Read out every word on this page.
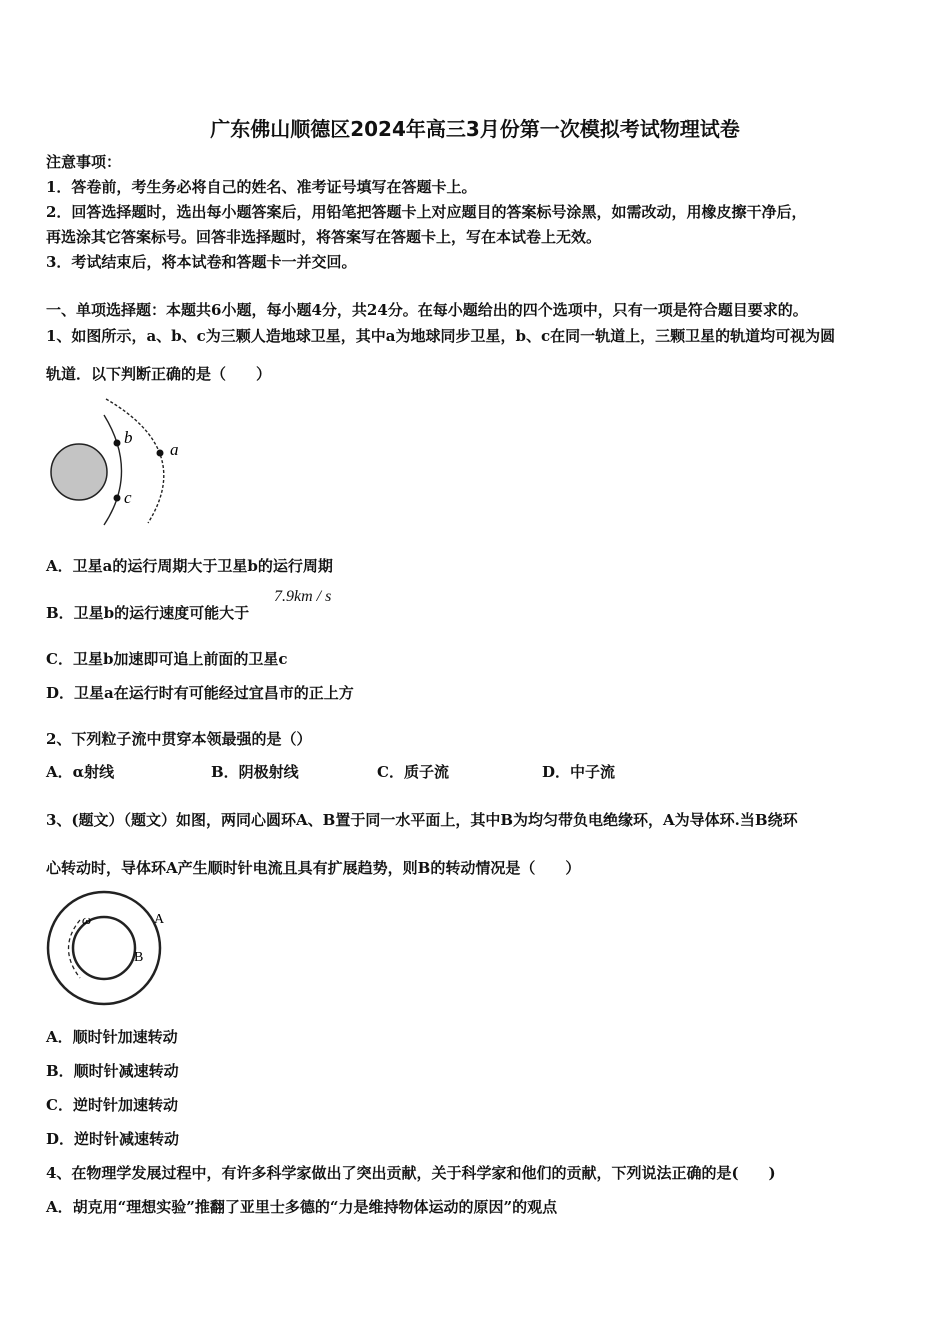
广东佛山顺德区2024年高三3月份第一次模拟考试物理试卷
注意事项：
1．答卷前，考生务必将自己的姓名、准考证号填写在答题卡上。
2．回答选择题时，选出每小题答案后，用铅笔把答题卡上对应题目的答案标号涂黑，如需改动，用橡皮擦干净后，
再选涂其它答案标号。回答非选择题时，将答案写在答题卡上，写在本试卷上无效。
3．考试结束后，将本试卷和答题卡一并交回。
一、单项选择题：本题共6小题，每小题4分，共24分。在每小题给出的四个选项中，只有一项是符合题目要求的。
1、如图所示，a、b、c为三颗人造地球卫星，其中a为地球同步卫星，b、c在同一轨道上，三颗卫星的轨道均可视为圆
轨道．以下判断正确的是（　　）
b
c
a
A．卫星a的运行周期大于卫星b的运行周期
B．卫星b的运行速度可能大于
7.9km / s
C．卫星b加速即可追上前面的卫星c
D．卫星a在运行时有可能经过宜昌市的正上方
2、下列粒子流中贯穿本领最强的是（）
A．α射线	B．阴极射线	C．质子流	D．中子流
3、(题文）（题文）如图，两同心圆环A、B置于同一水平面上，其中B为均匀带负电绝缘环，A为导体环.当B绕环
心转动时，导体环A产生顺时针电流且具有扩展趋势，则B的转动情况是（　　）
ω	A
B
A．顺时针加速转动
B．顺时针减速转动
C．逆时针加速转动
D．逆时针减速转动
4、在物理学发展过程中，有许多科学家做出了突出贡献，关于科学家和他们的贡献，下列说法正确的是(　　)
A．胡克用“理想实验”推翻了亚里士多德的“力是维持物体运动的原因”的观点
